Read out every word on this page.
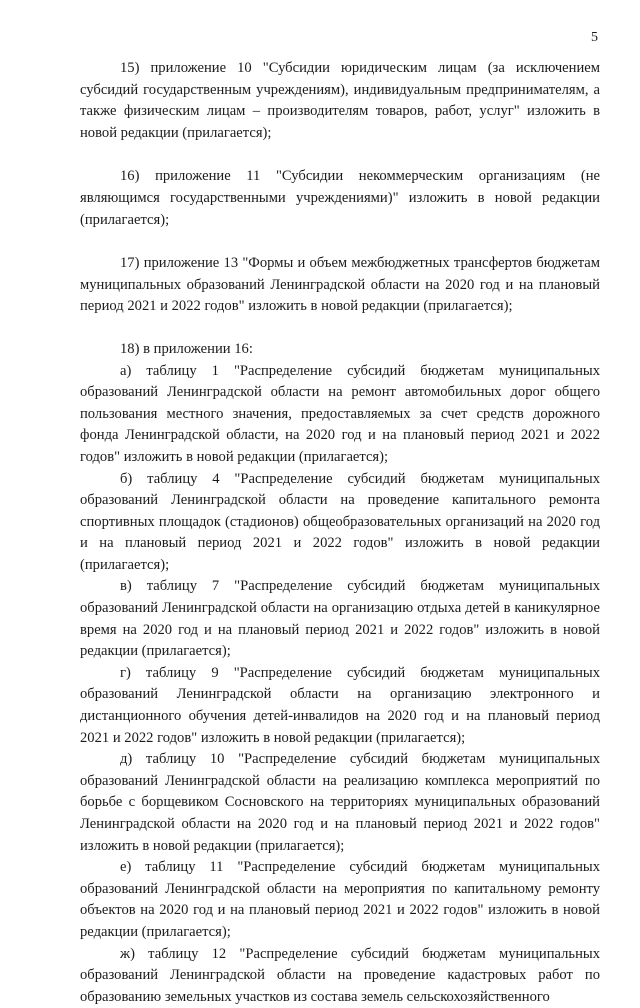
5

15) приложение 10 "Субсидии юридическим лицам (за исключением субсидий государственным учреждениям), индивидуальным предпринимателям, а также физическим лицам – производителям товаров, работ, услуг" изложить в новой редакции (прилагается);

16) приложение 11 "Субсидии некоммерческим организациям (не являющимся государственными учреждениями)" изложить в новой редакции (прилагается);

17) приложение 13 "Формы и объем межбюджетных трансфертов бюджетам муниципальных образований Ленинградской области на 2020 год и на плановый период 2021 и 2022 годов" изложить в новой редакции (прилагается);

18) в приложении 16:

а) таблицу 1 "Распределение субсидий бюджетам муниципальных образований Ленинградской области на ремонт автомобильных дорог общего пользования местного значения, предоставляемых за счет средств дорожного фонда Ленинградской области, на 2020 год и на плановый период 2021 и 2022 годов" изложить в новой редакции (прилагается);

б) таблицу 4 "Распределение субсидий бюджетам муниципальных образований Ленинградской области на проведение капитального ремонта спортивных площадок (стадионов) общеобразовательных организаций на 2020 год и на плановый период 2021 и 2022 годов" изложить в новой редакции (прилагается);

в) таблицу 7 "Распределение субсидий бюджетам муниципальных образований Ленинградской области на организацию отдыха детей в каникулярное время на 2020 год и на плановый период 2021 и 2022 годов" изложить в новой редакции (прилагается);

г) таблицу 9 "Распределение субсидий бюджетам муниципальных образований Ленинградской области на организацию электронного и дистанционного обучения детей-инвалидов на 2020 год и на плановый период 2021 и 2022 годов" изложить в новой редакции (прилагается);

д) таблицу 10 "Распределение субсидий бюджетам муниципальных образований Ленинградской области на реализацию комплекса мероприятий по борьбе с борщевиком Сосновского на территориях муниципальных образований Ленинградской области на 2020 год и на плановый период 2021 и 2022 годов" изложить в новой редакции (прилагается);

е) таблицу 11 "Распределение субсидий бюджетам муниципальных образований Ленинградской области на мероприятия по капитальному ремонту объектов на 2020 год и на плановый период 2021 и 2022 годов" изложить в новой редакции (прилагается);

ж) таблицу 12 "Распределение субсидий бюджетам муниципальных образований Ленинградской области на проведение кадастровых работ по образованию земельных участков из состава земель сельскохозяйственного
